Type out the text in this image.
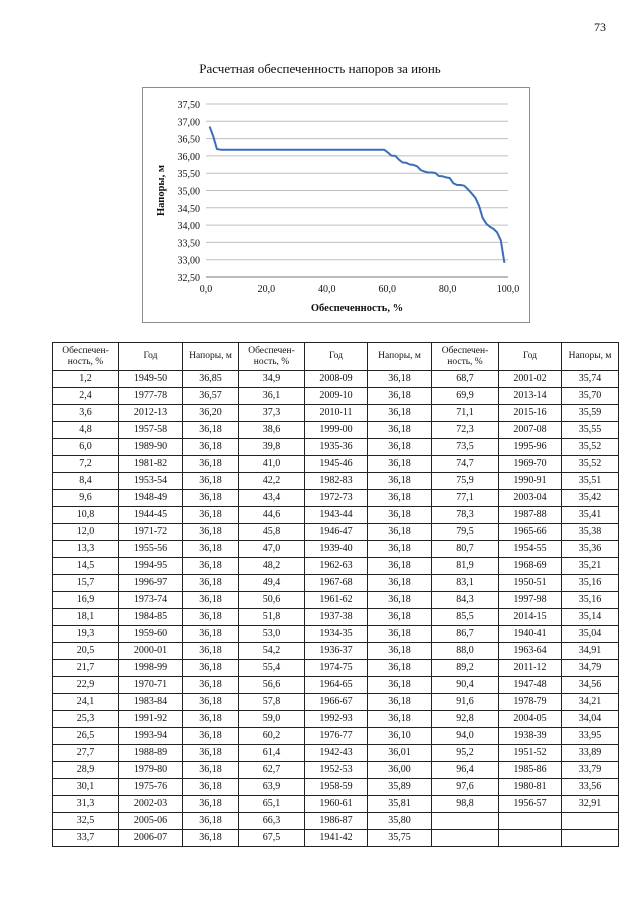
73
Расчетная обеспеченность напоров за июнь
32,50
33,00
33,50
34,00
34,50
35,00
35,50
36,00
36,50
37,00
37,50
0,0	20,0	40,0	60,0	80,0	100,0
Обеспеченность, %
Напоры, м
Обеспечен-ность, %	Год	Напоры, м	Обеспечен-ность, %	Год	Напоры, м	Обеспечен-ность, %	Год	Напоры, м
1,2	1949-50	36,85	34,9	2008-09	36,18	68,7	2001-02	35,74
2,4	1977-78	36,57	36,1	2009-10	36,18	69,9	2013-14	35,70
3,6	2012-13	36,20	37,3	2010-11	36,18	71,1	2015-16	35,59
4,8	1957-58	36,18	38,6	1999-00	36,18	72,3	2007-08	35,55
6,0	1989-90	36,18	39,8	1935-36	36,18	73,5	1995-96	35,52
7,2	1981-82	36,18	41,0	1945-46	36,18	74,7	1969-70	35,52
8,4	1953-54	36,18	42,2	1982-83	36,18	75,9	1990-91	35,51
9,6	1948-49	36,18	43,4	1972-73	36,18	77,1	2003-04	35,42
10,8	1944-45	36,18	44,6	1943-44	36,18	78,3	1987-88	35,41
12,0	1971-72	36,18	45,8	1946-47	36,18	79,5	1965-66	35,38
13,3	1955-56	36,18	47,0	1939-40	36,18	80,7	1954-55	35,36
14,5	1994-95	36,18	48,2	1962-63	36,18	81,9	1968-69	35,21
15,7	1996-97	36,18	49,4	1967-68	36,18	83,1	1950-51	35,16
16,9	1973-74	36,18	50,6	1961-62	36,18	84,3	1997-98	35,16
18,1	1984-85	36,18	51,8	1937-38	36,18	85,5	2014-15	35,14
19,3	1959-60	36,18	53,0	1934-35	36,18	86,7	1940-41	35,04
20,5	2000-01	36,18	54,2	1936-37	36,18	88,0	1963-64	34,91
21,7	1998-99	36,18	55,4	1974-75	36,18	89,2	2011-12	34,79
22,9	1970-71	36,18	56,6	1964-65	36,18	90,4	1947-48	34,56
24,1	1983-84	36,18	57,8	1966-67	36,18	91,6	1978-79	34,21
25,3	1991-92	36,18	59,0	1992-93	36,18	92,8	2004-05	34,04
26,5	1993-94	36,18	60,2	1976-77	36,10	94,0	1938-39	33,95
27,7	1988-89	36,18	61,4	1942-43	36,01	95,2	1951-52	33,89
28,9	1979-80	36,18	62,7	1952-53	36,00	96,4	1985-86	33,79
30,1	1975-76	36,18	63,9	1958-59	35,89	97,6	1980-81	33,56
31,3	2002-03	36,18	65,1	1960-61	35,81	98,8	1956-57	32,91
32,5	2005-06	36,18	66,3	1986-87	35,80			
33,7	2006-07	36,18	67,5	1941-42	35,75			
